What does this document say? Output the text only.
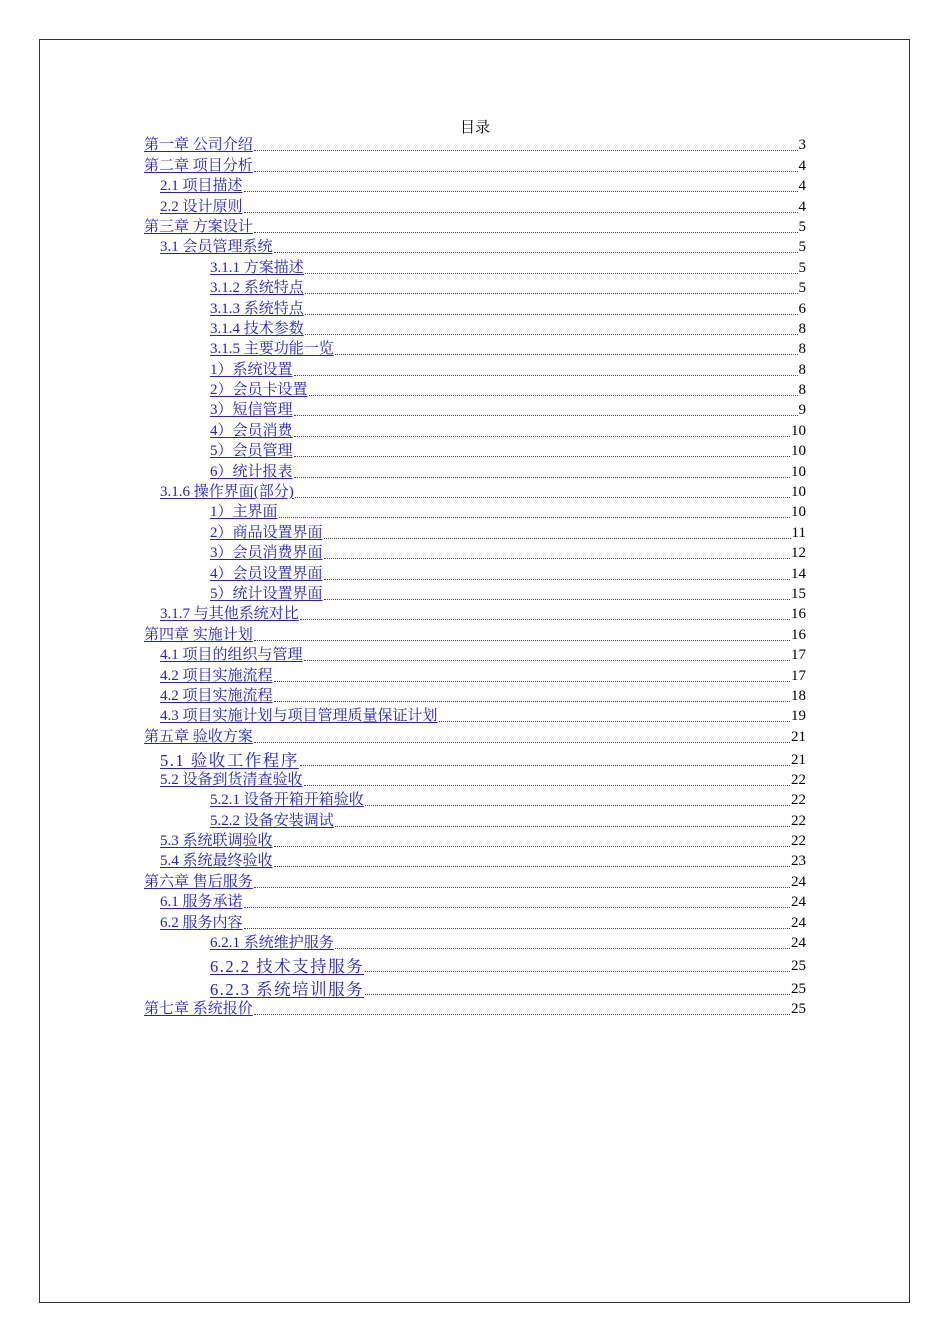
目录
第一章 公司介绍	3
第二章 项目分析	4
2.1 项目描述	4
2.2 设计原则	4
第三章 方案设计	5
3.1 会员管理系统	5
3.1.1 方案描述	5
3.1.2 系统特点	5
3.1.3 系统特点	6
3.1.4 技术参数	8
3.1.5 主要功能一览	8
1）系统设置	8
2）会员卡设置	8
3）短信管理	9
4）会员消费	10
5）会员管理	10
6）统计报表	10
3.1.6 操作界面(部分)	10
1）主界面	10
2）商品设置界面	11
3）会员消费界面	12
4）会员设置界面	14
5）统计设置界面	15
3.1.7 与其他系统对比	16
第四章 实施计划	16
4.1 项目的组织与管理	17
4.2 项目实施流程	17
4.2 项目实施流程	18
4.3 项目实施计划与项目管理质量保证计划	19
第五章 验收方案	21
5.1 验收工作程序	21
5.2 设备到货清查验收	22
5.2.1 设备开箱开箱验收	22
5.2.2 设备安装调试	22
5.3 系统联调验收	22
5.4 系统最终验收	23
第六章 售后服务	24
6.1 服务承诺	24
6.2 服务内容	24
6.2.1 系统维护服务	24
6.2.2 技术支持服务	25
6.2.3 系统培训服务	25
第七章 系统报价	25
